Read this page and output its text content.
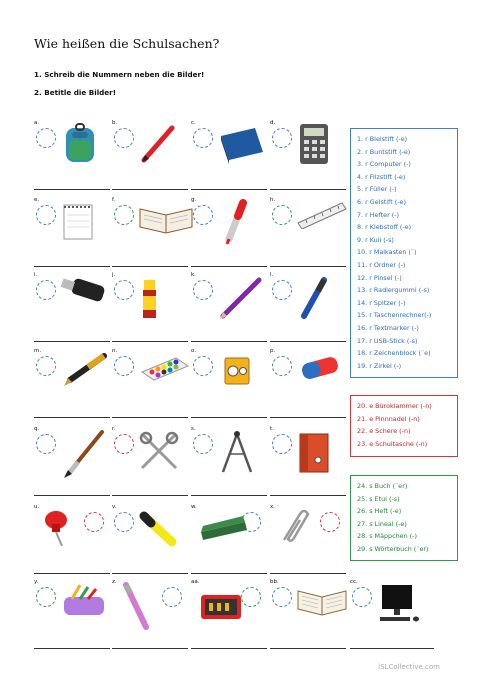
Wie heißen die Schulsachen?
1. Schreib die Nummern neben die Bilder!
2. Betitle die Bilder!
a.	b.	c.	d.
e.	f.	g.	h.
i.	j.	k.	l.
m.	n.	o.	p.
q.	r.	s.	t.
u.	v.	w.	x.
y.	z.	aa.	bb.	cc.
1. r Bleistift (-e)
2. r Buntstift (-e)
3. r Computer (-)
4. r Filzstift (-e)
5. r Füller (-)
6. r Gelstift (-e)
7. r Hefter (-)
8. r Klebstoff (-e)
9. r Kuli (-s)
10. r Malkasten (¨)
11. r Ordner (-)
12. r Pinsel (-)
13. r Radiergummi (-s)
14. r Spitzer (-)
15. r Taschenrechner(-)
16. r Textmarker (-)
17. r USB-Stick (-s)
18. r Zeichenblock (¨e)
19. r Zirkel (-)
20. e Büroklammer (-n)
21. e Pinnnadel (-n)
22. e Schere (-n)
23. e Schultasche (-n)
24. s Buch (¨er)
25. s Etui (-s)
26. s Heft (-e)
27. s Lineal (-e)
28. s Mäppchen (-)
29. s Wörterbuch (¨er)
iSLCollective.com
